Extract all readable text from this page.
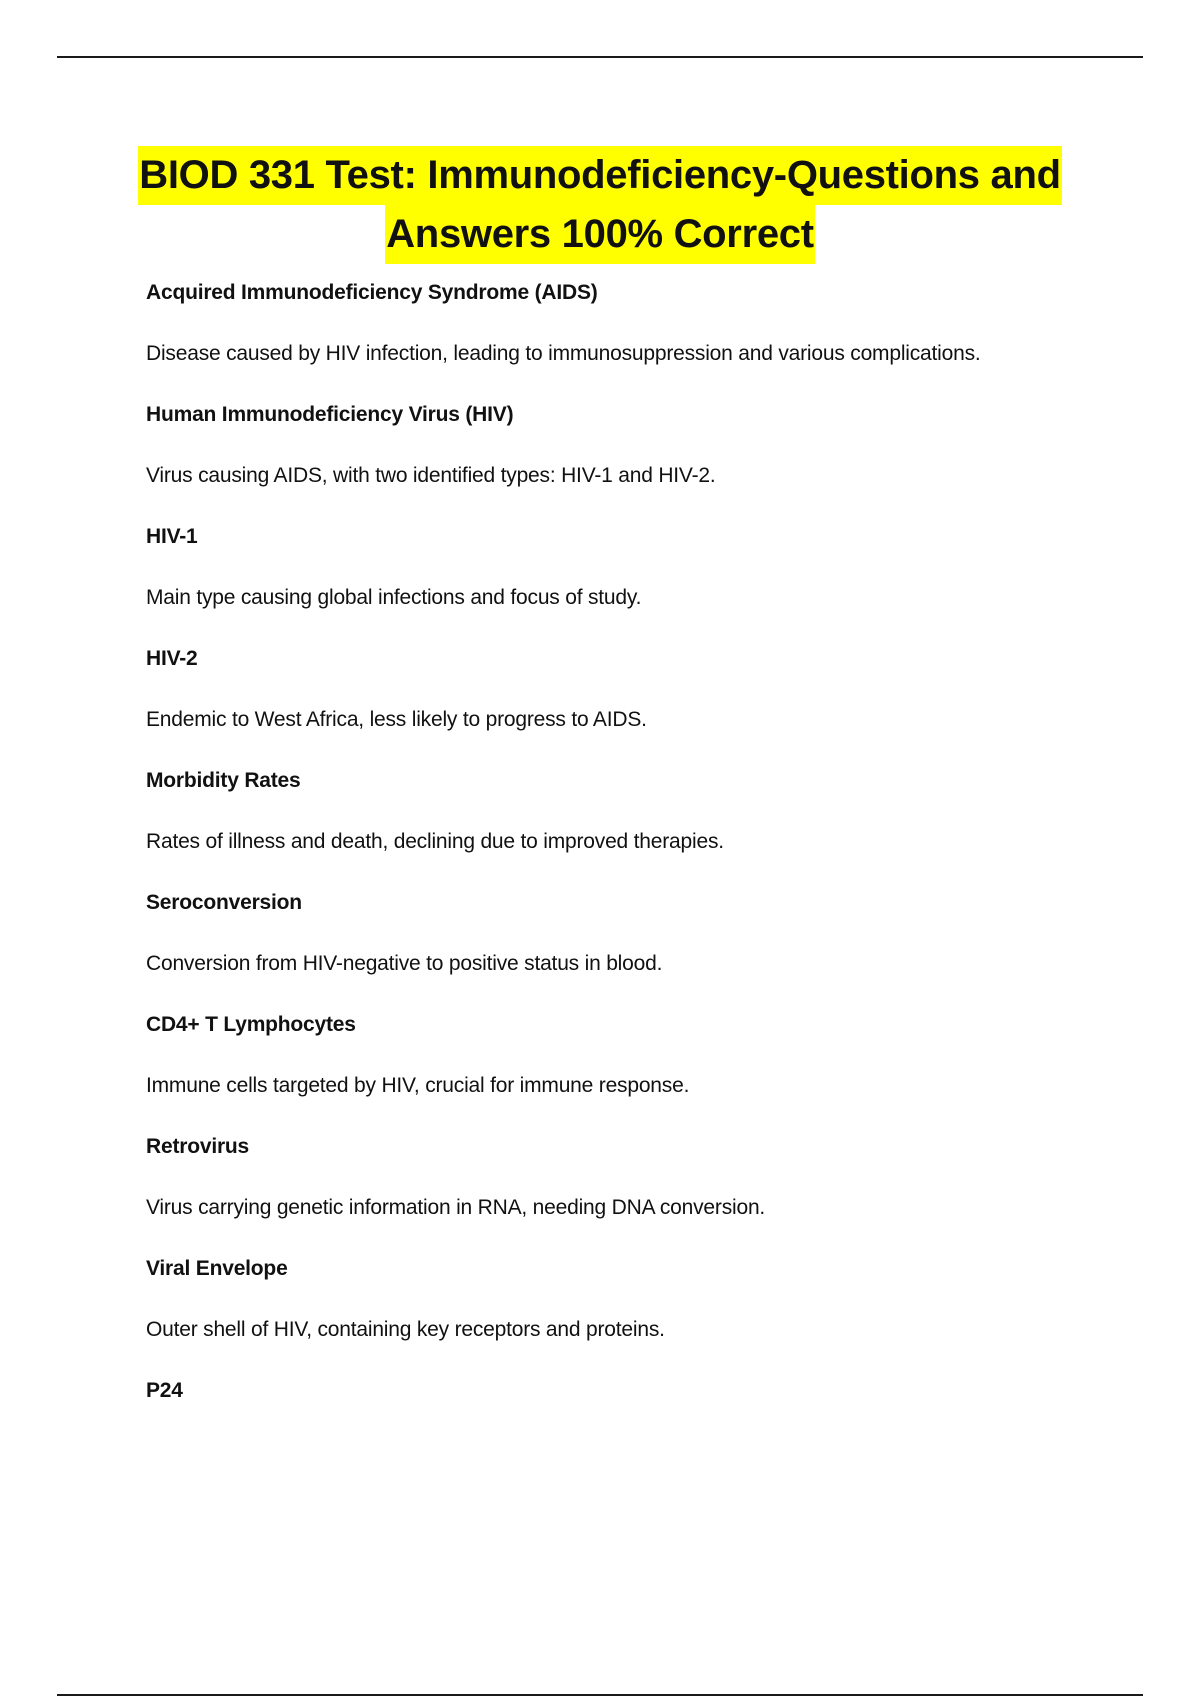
BIOD 331 Test: Immunodeficiency-Questions and
Answers 100% Correct

Acquired Immunodeficiency Syndrome (AIDS)

Disease caused by HIV infection, leading to immunosuppression and various complications.

Human Immunodeficiency Virus (HIV)

Virus causing AIDS, with two identified types: HIV-1 and HIV-2.

HIV-1

Main type causing global infections and focus of study.

HIV-2

Endemic to West Africa, less likely to progress to AIDS.

Morbidity Rates

Rates of illness and death, declining due to improved therapies.

Seroconversion

Conversion from HIV-negative to positive status in blood.

CD4+ T Lymphocytes

Immune cells targeted by HIV, crucial for immune response.

Retrovirus

Virus carrying genetic information in RNA, needing DNA conversion.

Viral Envelope

Outer shell of HIV, containing key receptors and proteins.

P24
